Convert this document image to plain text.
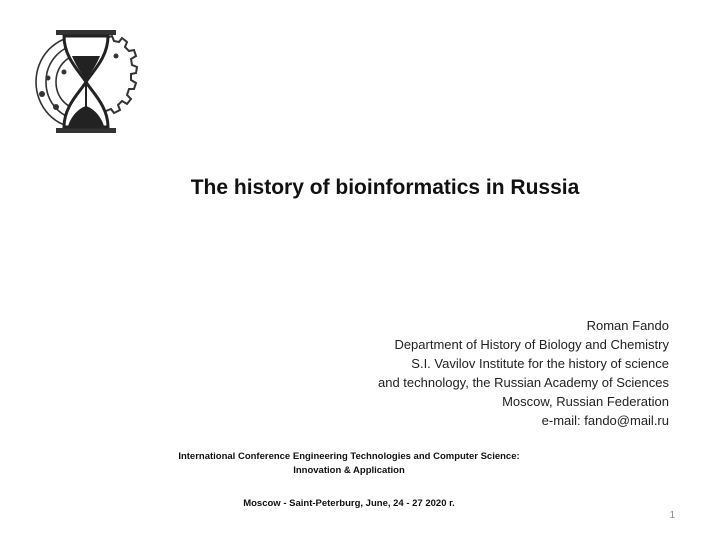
The history of bioinformatics in Russia
Roman Fando
Department of History of Biology and Chemistry
S.I. Vavilov Institute for the history of science
and technology, the Russian Academy of Sciences
Moscow, Russian Federation
e-mail: fando@mail.ru
International Conference Engineering Technologies and Computer Science:
Innovation & Application
Moscow - Saint-Peterburg, June, 24 - 27 2020 г.
1
